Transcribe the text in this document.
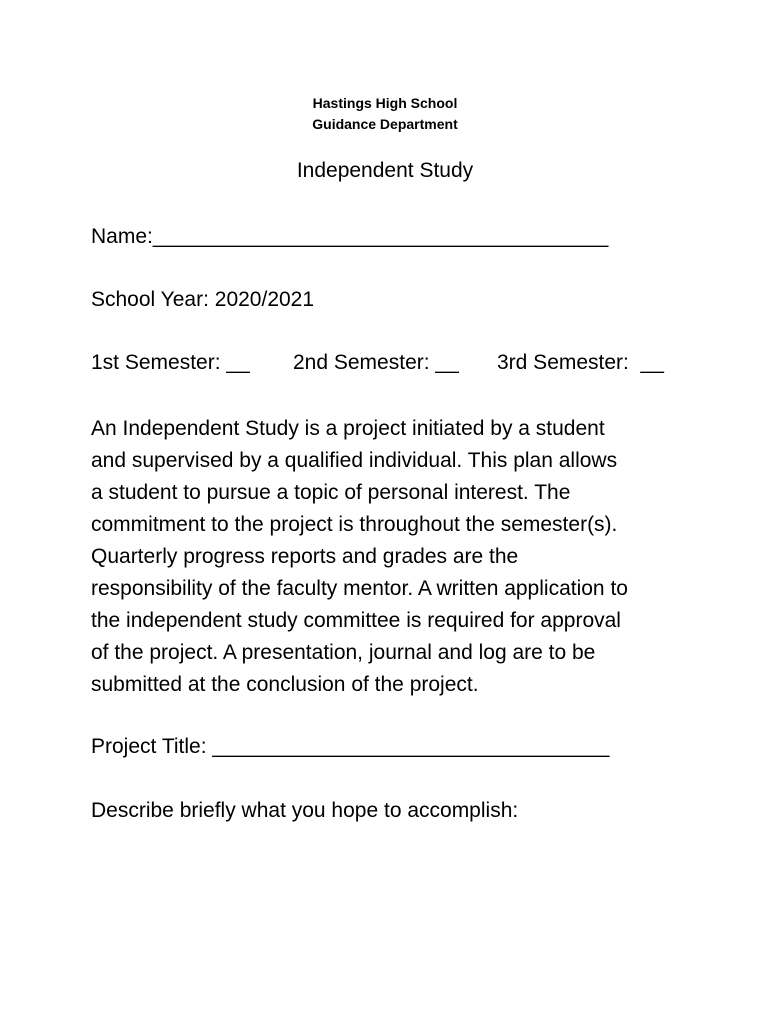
Hastings High School
Guidance Department
Independent Study
Name:_______________________________________
School Year: 2020/2021
1st Semester: __ 2nd Semester: __ 3rd Semester:  __
An Independent Study is a project initiated by a student
and supervised by a qualified individual. This plan allows
a student to pursue a topic of personal interest. The
commitment to the project is throughout the semester(s).
Quarterly progress reports and grades are the
responsibility of the faculty mentor. A written application to
the independent study committee is required for approval
of the project. A presentation, journal and log are to be
submitted at the conclusion of the project.
Project Title: __________________________________
Describe briefly what you hope to accomplish:
